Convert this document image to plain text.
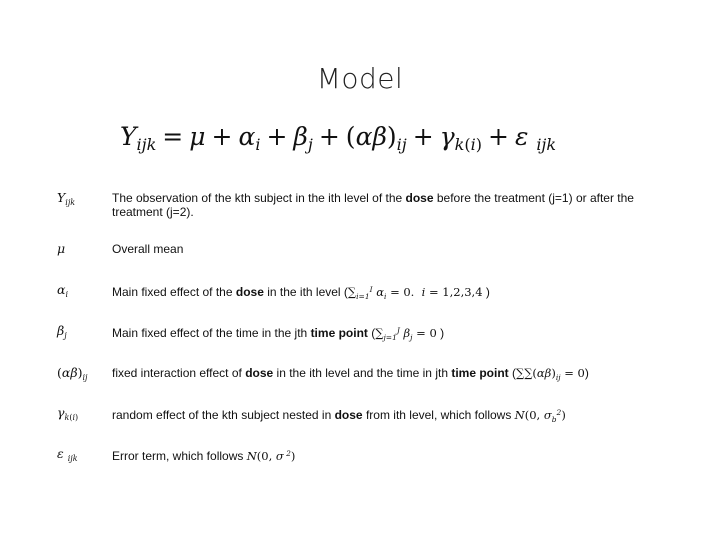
Model
$Y_{ijk} = \mu + \alpha_i + \beta_j + (\alpha\beta)_{ij} + \gamma_{k(i)} + \varepsilon$ $_{ijk}$
$Y_{ijk}$	The observation of the kth subject in the ith level of the dose before the treatment (j=1) or after the treatment (j=2).
μ	Overall mean
$\alpha_i$	Main fixed effect of the dose in the ith level ($\sum_{i=1}^I$ $\alpha_i = 0$.  i = 1,2,3,4 )
$\beta_j$	Main fixed effect of the time in the jth time point ($\sum_{j=1}^J$ $\beta_j = 0$ )
$(\alpha\beta)_{ij}$	fixed interaction effect of dose in the ith level and the time in jth time point $(\sum\sum(\alpha\beta)_{ij} = 0)$
$\gamma_{k(i)}$	random effect of the kth subject nested in dose from ith level, which follows N(0, $\sigma_b^2$)
ε $_{ijk}$	Error term, which follows N(0, σ $^2$)
